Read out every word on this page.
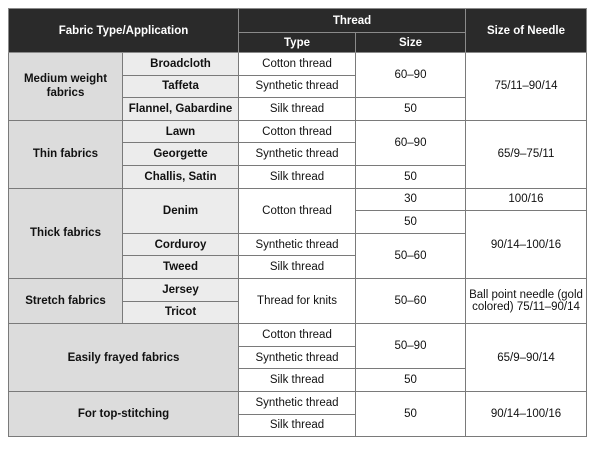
Fabric Type/Application		Thread		Size of Needle
		Type	Size	
Medium weight fabrics	Broadcloth	Cotton thread	60–90	75/11–90/14
	Taffeta	Synthetic thread		
	Flannel, Gabardine	Silk thread	50	
Thin fabrics	Lawn	Cotton thread	60–90	65/9–75/11
	Georgette	Synthetic thread		
	Challis, Satin	Silk thread	50	
Thick fabrics	Denim	Cotton thread	30	100/16
			50	90/14–100/16
	Corduroy	Synthetic thread	50–60	
	Tweed	Silk thread		
Stretch fabrics	Jersey	Thread for knits	50–60	Ball point needle (gold colored) 75/11–90/14
	Tricot			
Easily frayed fabrics		Cotton thread	50–90	65/9–90/14
		Synthetic thread		
		Silk thread	50	
For top-stitching		Synthetic thread	50	90/14–100/16
		Silk thread		
